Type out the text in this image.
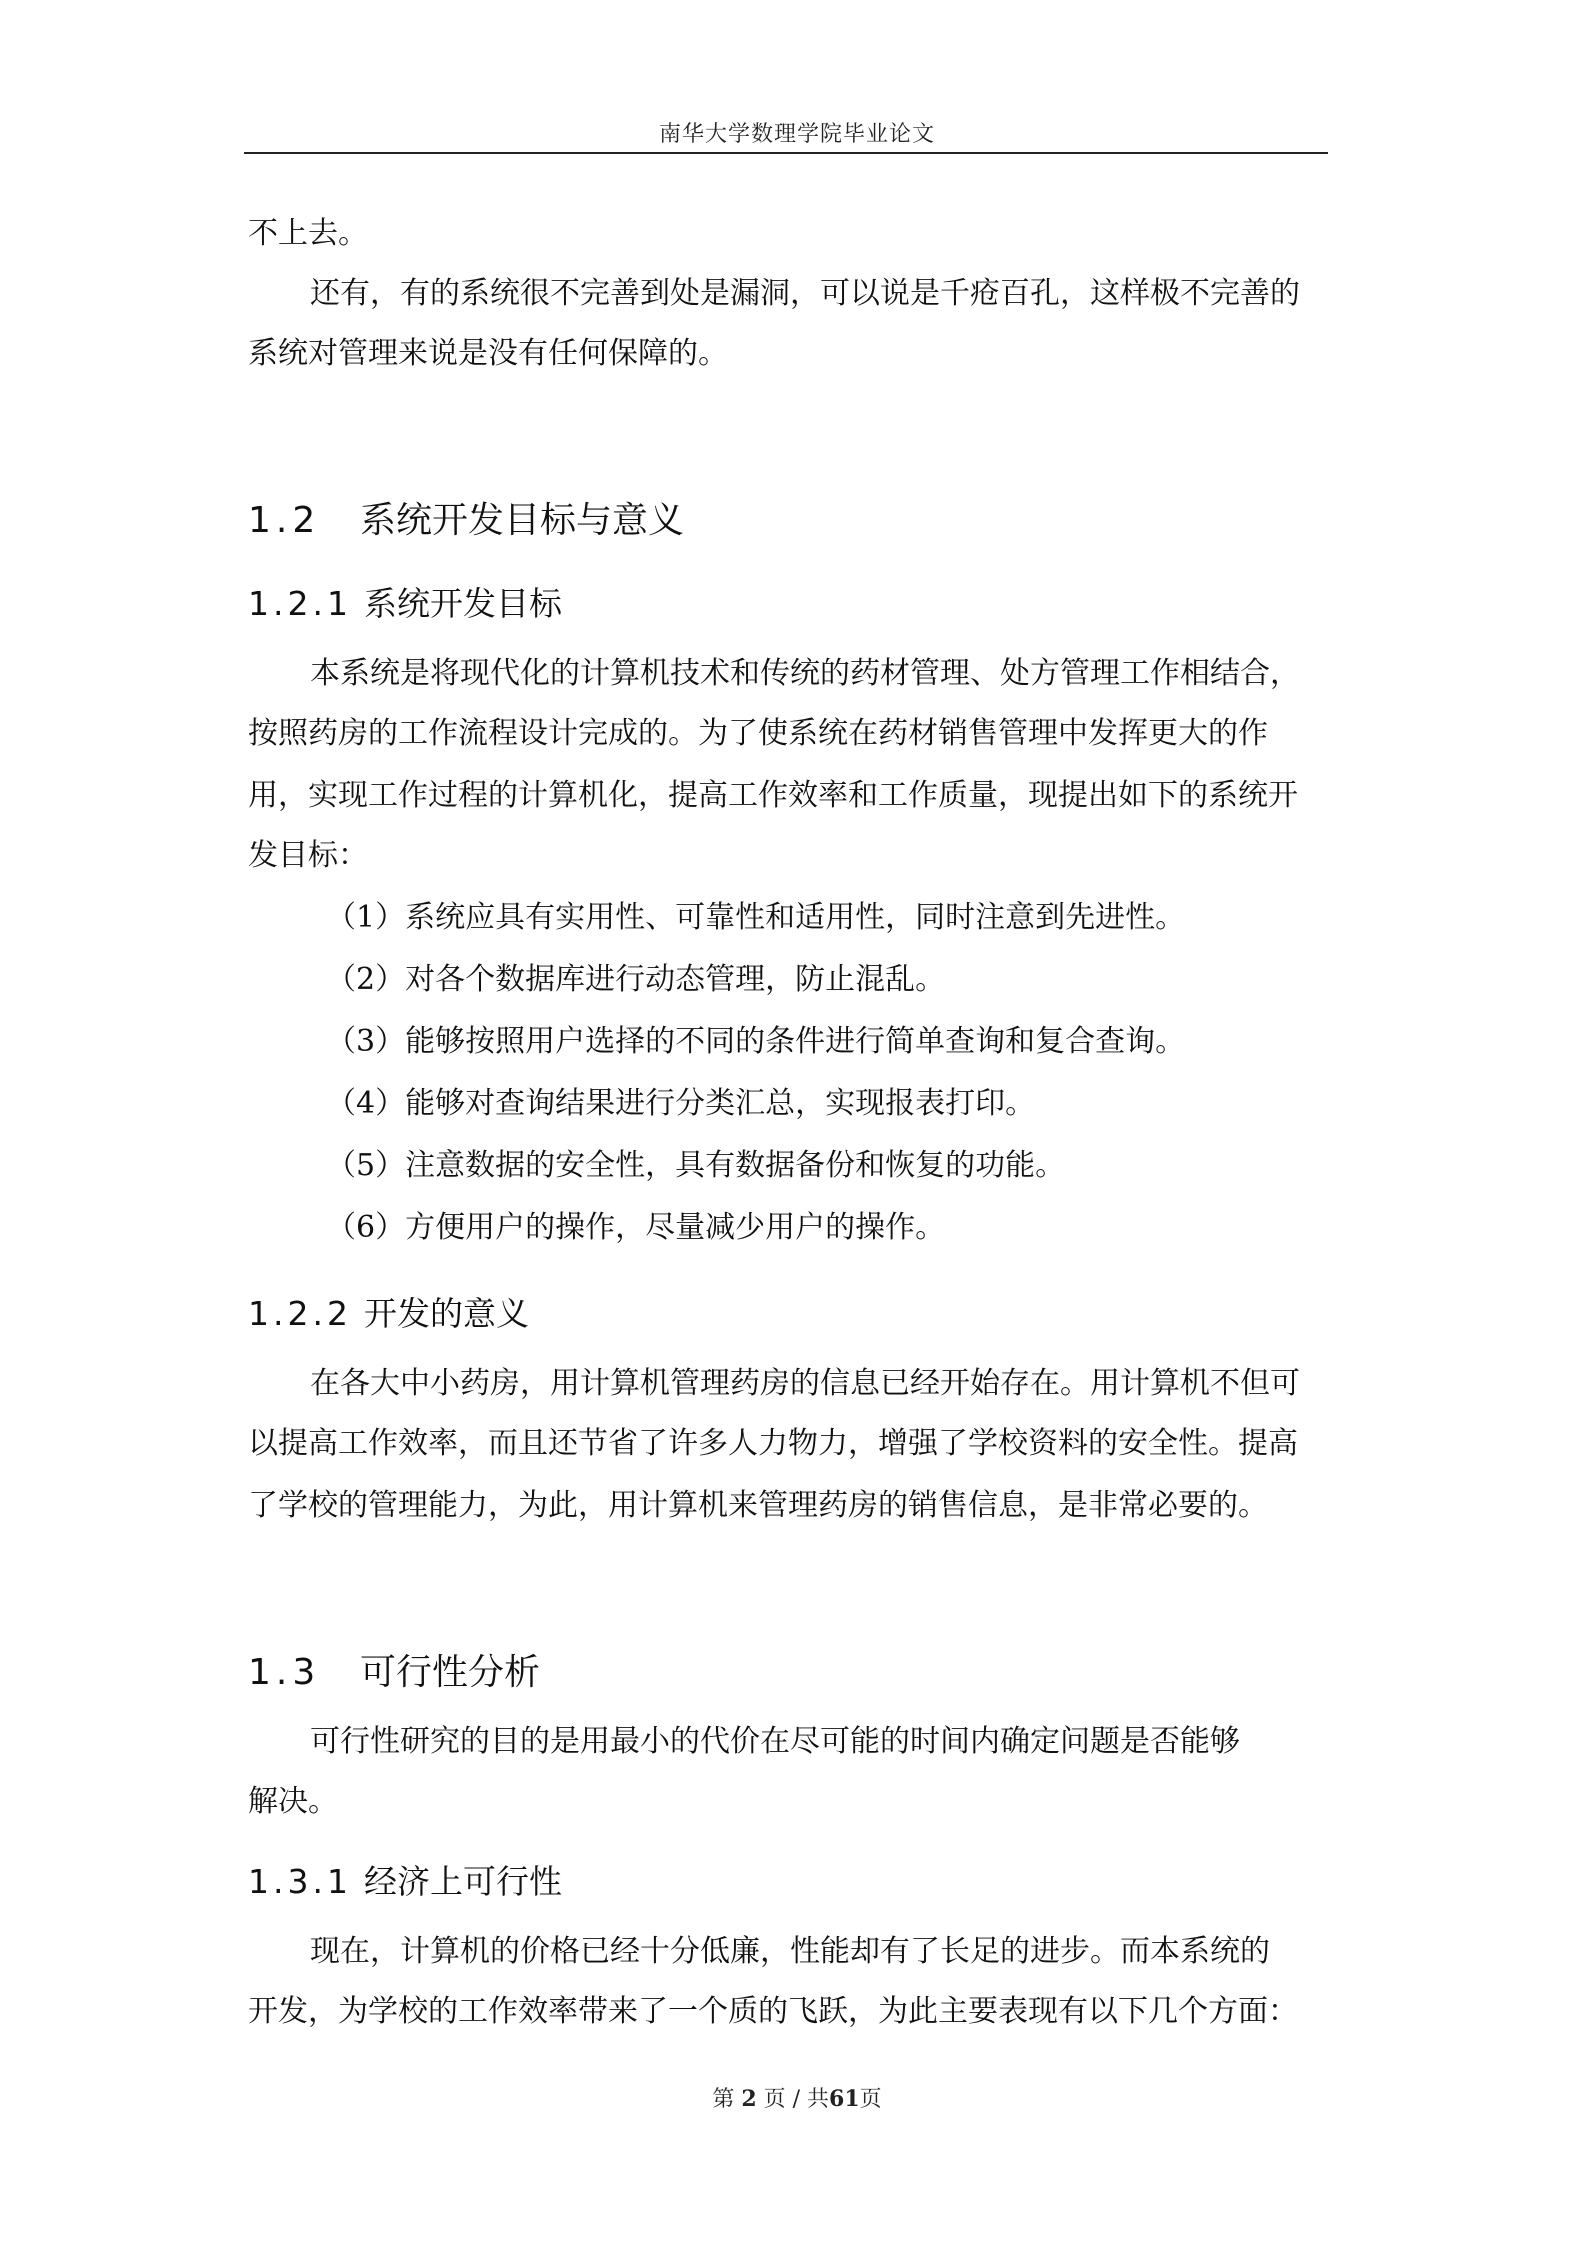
南华大学数理学院毕业论文
不上去。
还有，有的系统很不完善到处是漏洞，可以说是千疮百孔，这样极不完善的
系统对管理来说是没有任何保障的。
1.2 系统开发目标与意义
1.2.1 系统开发目标
本系统是将现代化的计算机技术和传统的药材管理、处方管理工作相结合，
按照药房的工作流程设计完成的。为了使系统在药材销售管理中发挥更大的作
用，实现工作过程的计算机化，提高工作效率和工作质量，现提出如下的系统开
发目标：
（1）系统应具有实用性、可靠性和适用性，同时注意到先进性。
（2）对各个数据库进行动态管理，防止混乱。
（3）能够按照用户选择的不同的条件进行简单查询和复合查询。
（4）能够对查询结果进行分类汇总，实现报表打印。
（5）注意数据的安全性，具有数据备份和恢复的功能。
（6）方便用户的操作，尽量减少用户的操作。
1.2.2 开发的意义
在各大中小药房，用计算机管理药房的信息已经开始存在。用计算机不但可
以提高工作效率，而且还节省了许多人力物力，增强了学校资料的安全性。提高
了学校的管理能力，为此，用计算机来管理药房的销售信息，是非常必要的。
1.3 可行性分析
可行性研究的目的是用最小的代价在尽可能的时间内确定问题是否能够
解决。
1.3.1 经济上可行性
现在，计算机的价格已经十分低廉，性能却有了长足的进步。而本系统的
开发，为学校的工作效率带来了一个质的飞跃，为此主要表现有以下几个方面：
第 2 页 / 共61页
